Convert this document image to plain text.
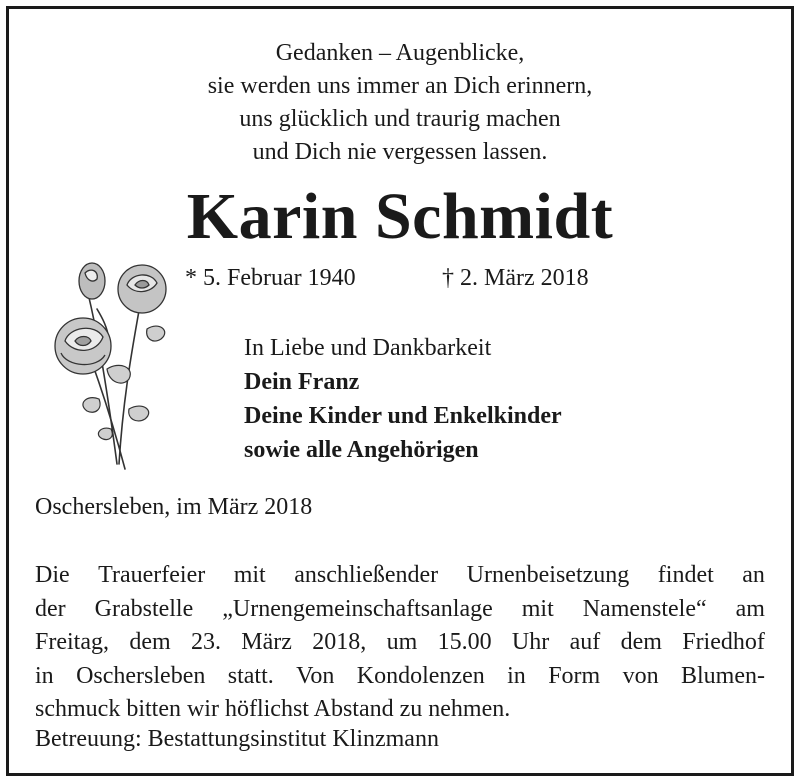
Gedanken – Augenblicke,
sie werden uns immer an Dich erinnern,
uns glücklich und traurig machen
und Dich nie vergessen lassen.
Karin Schmidt
* 5. Februar 1940	† 2. März 2018
In Liebe und Dankbarkeit
Dein Franz
Deine Kinder und Enkelkinder
sowie alle Angehörigen
Oschersleben, im März 2018
Die Trauerfeier mit anschließender Urnenbeisetzung findet an
der Grabstelle „Urnengemeinschaftsanlage mit Namenstele“ am
Freitag, dem 23. März 2018, um 15.00 Uhr auf dem Friedhof
in Oschersleben statt. Von Kondolenzen in Form von Blumen-
schmuck bitten wir höflichst Abstand zu nehmen.
Betreuung: Bestattungsinstitut Klinzmann
